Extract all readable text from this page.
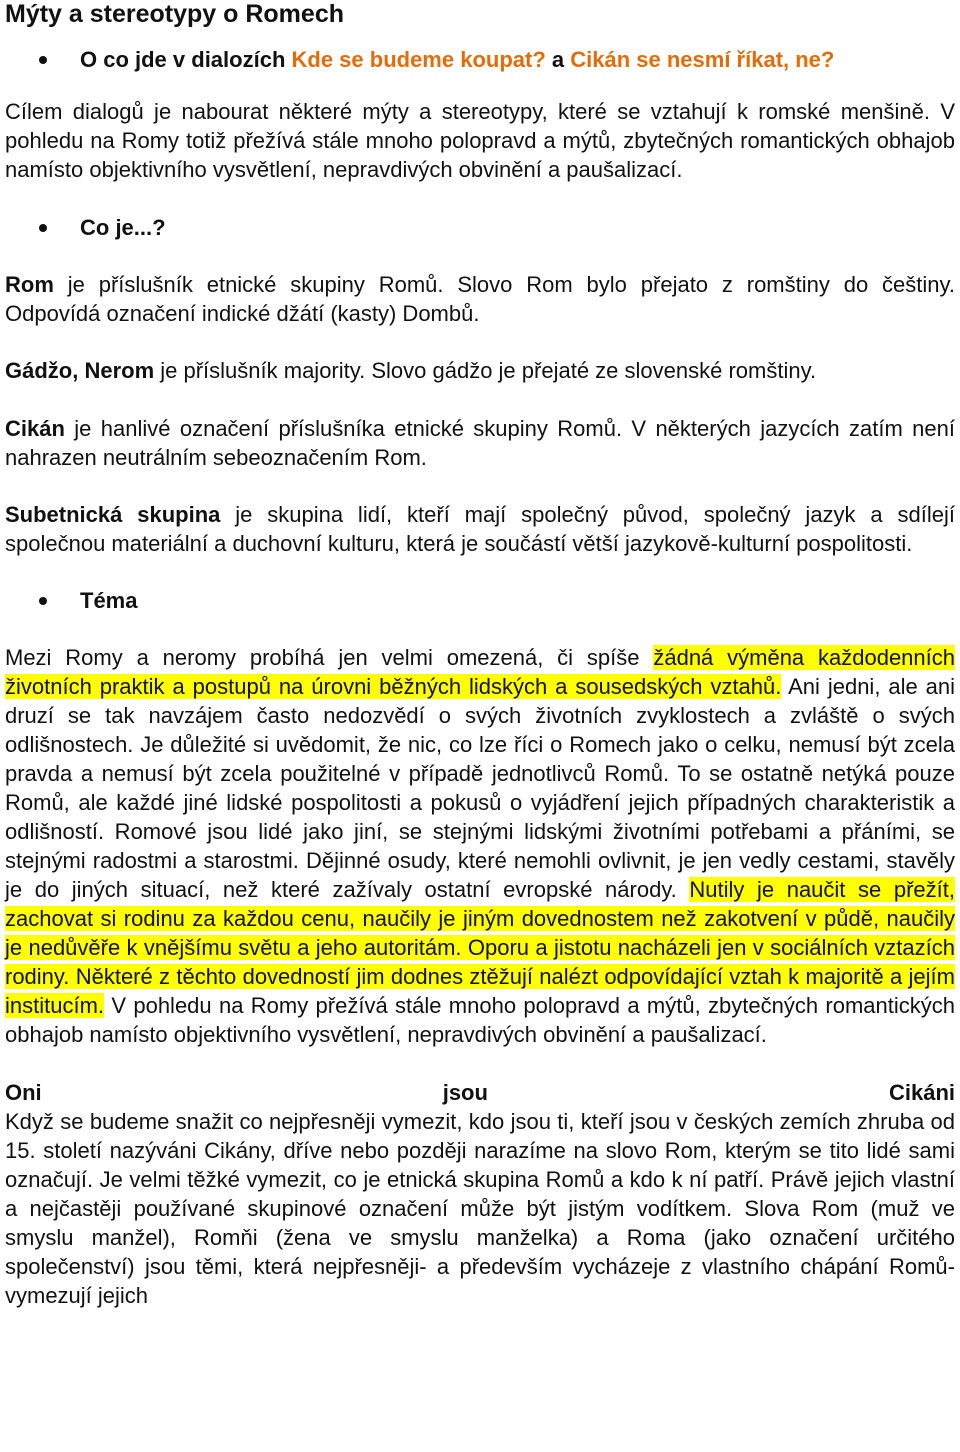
Mýty a stereotypy o Romech
O co jde v dialozích Kde se budeme koupat? a Cikán se nesmí říkat, ne?

Cílem dialogů je nabourat některé mýty a stereotypy, které se vztahují k romské menšině. V pohledu na Romy totiž přežívá stále mnoho polopravd a mýtů, zbytečných romantických obhajob namísto objektivního vysvětlení, nepravdivých obvinění a paušalizací.

Co je...?

Rom je příslušník etnické skupiny Romů. Slovo Rom bylo přejato z romštiny do češtiny. Odpovídá označení indické džátí (kasty) Dombů.

Gádžo, Nerom je příslušník majority. Slovo gádžo je přejaté ze slovenské romštiny.

Cikán je hanlivé označení příslušníka etnické skupiny Romů. V některých jazycích zatím není nahrazen neutrálním sebeoznačením Rom.

Subetnická skupina je skupina lidí, kteří mají společný původ, společný jazyk a sdílejí společnou materiální a duchovní kulturu, která je součástí větší jazykově-kulturní pospolitosti.

Téma

Mezi Romy a neromy probíhá jen velmi omezená, či spíše žádná výměna každodenních životních praktik a postupů na úrovni běžných lidských a sousedských vztahů. Ani jedni, ale ani druzí se tak navzájem často nedozvědí o svých životních zvyklostech a zvláště o svých odlišnostech. Je důležité si uvědomit, že nic, co lze říci o Romech jako o celku, nemusí být zcela pravda a nemusí být zcela použitelné v případě jednotlivců Romů. To se ostatně netýká pouze Romů, ale každé jiné lidské pospolitosti a pokusů o vyjádření jejich případných charakteristik a odlišností. Romové jsou lidé jako jiní, se stejnými lidskými životními potřebami a přáními, se stejnými radostmi a starostmi. Dějinné osudy, které nemohli ovlivnit, je jen vedly cestami, stavěly je do jiných situací, než které zažívaly ostatní evropské národy. Nutily je naučit se přežít, zachovat si rodinu za každou cenu, naučily je jiným dovednostem než zakotvení v půdě, naučily je nedůvěře k vnějšímu světu a jeho autoritám. Oporu a jistotu nacházeli jen v sociálních vztazích rodiny. Některé z těchto dovedností jim dodnes ztěžují nalézt odpovídající vztah k majoritě a jejím institucím. V pohledu na Romy přežívá stále mnoho polopravd a mýtů, zbytečných romantických obhajob namísto objektivního vysvětlení, nepravdivých obvinění a paušalizací.

Oni	jsou	Cikáni

Když se budeme snažit co nejpřesněji vymezit, kdo jsou ti, kteří jsou v českých zemích zhruba od 15. století nazýváni Cikány, dříve nebo později narazíme na slovo Rom, kterým se tito lidé sami označují. Je velmi těžké vymezit, co je etnická skupina Romů a kdo k ní patří. Právě jejich vlastní a nejčastěji používané skupinové označení může být jistým vodítkem. Slova Rom (muž ve smyslu manžel), Romňi (žena ve smyslu manželka) a Roma (jako označení určitého společenství) jsou těmi, která nejpřesněji- a především vycházeje z vlastního chápání Romů- vymezují jejich
